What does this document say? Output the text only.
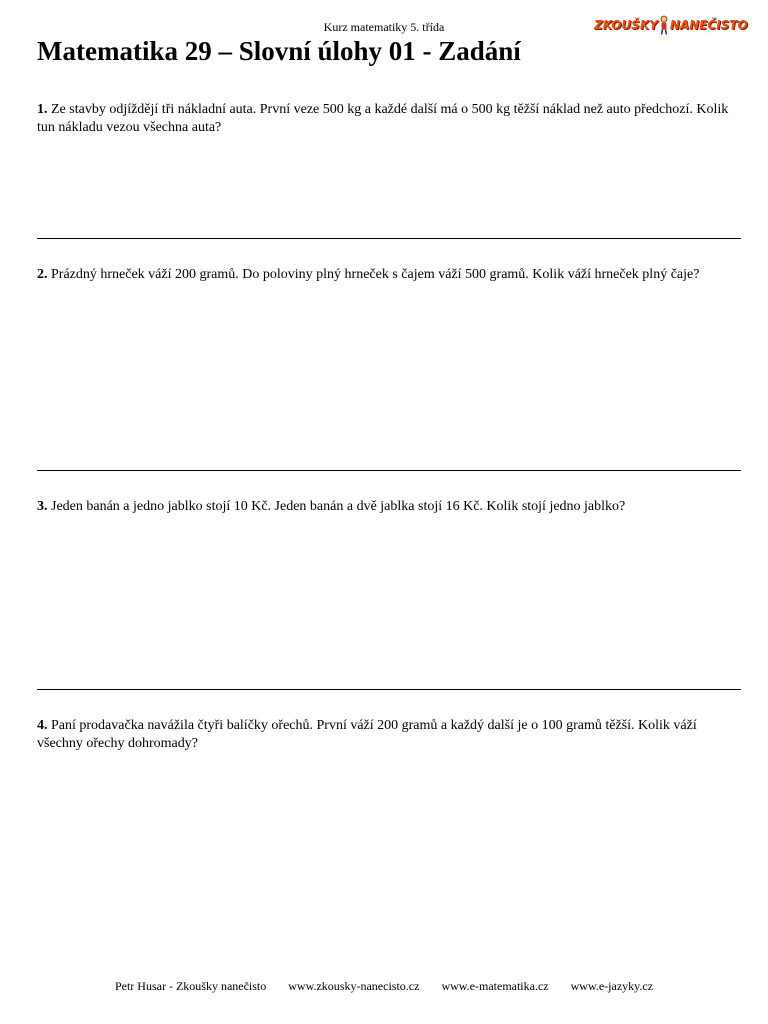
Kurz matematiky 5. třída	ZKOUŠKY NANEČISTO
Matematika 29 – Slovní úlohy 01 - Zadání
1. Ze stavby odjíždějí tři nákladní auta. První veze 500 kg a každé další má o 500 kg těžší náklad než auto předchozí. Kolik tun nákladu vezou všechna auta?
2. Prázdný hrneček váží 200 gramů. Do poloviny plný hrneček s čajem váží 500 gramů. Kolik váží hrneček plný čaje?
3. Jeden banán a jedno jablko stojí 10 Kč. Jeden banán a dvě jablka stojí 16 Kč. Kolik stojí jedno jablko?
4. Paní prodavačka navážila čtyři balíčky ořechů. První váží 200 gramů a každý další je o 100 gramů těžší. Kolik váží všechny ořechy dohromady?
Petr Husar - Zkoušky nanečisto www.zkousky-nanecisto.cz www.e-matematika.cz www.e-jazyky.cz
